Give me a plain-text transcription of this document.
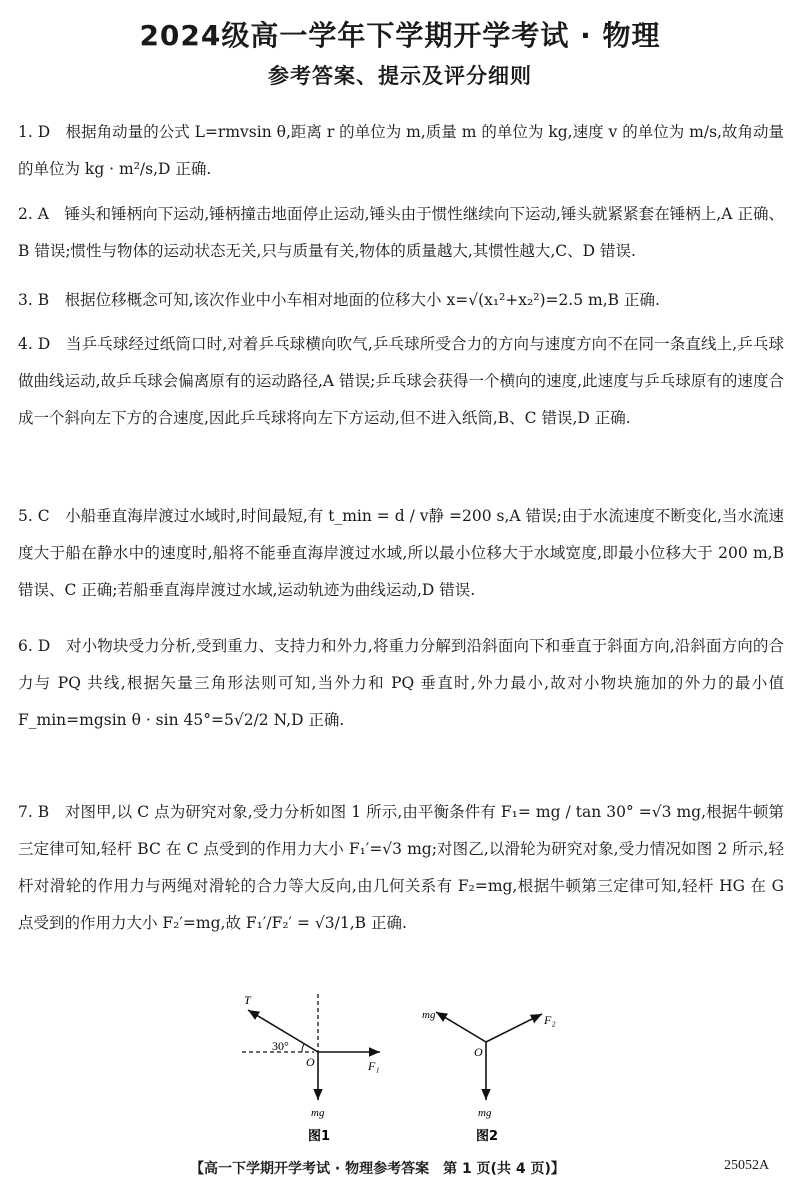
2024级高一学年下学期开学考试 · 物理
参考答案、提示及评分细则
1. D　根据角动量的公式 L=rmvsin θ,距离 r 的单位为 m,质量 m 的单位为 kg,速度 v 的单位为 m/s,故角动量的单位为 kg · m²/s,D 正确.
2. A　锤头和锤柄向下运动,锤柄撞击地面停止运动,锤头由于惯性继续向下运动,锤头就紧紧套在锤柄上,A 正确、B 错误;惯性与物体的运动状态无关,只与质量有关,物体的质量越大,其惯性越大,C、D 错误.
3. B　根据位移概念可知,该次作业中小车相对地面的位移大小 x=√(x₁²+x₂²)=2.5 m,B 正确.
4. D　当乒乓球经过纸筒口时,对着乒乓球横向吹气,乒乓球所受合力的方向与速度方向不在同一条直线上,乒乓球做曲线运动,故乒乓球会偏离原有的运动路径,A 错误;乒乓球会获得一个横向的速度,此速度与乒乓球原有的速度合成一个斜向左下方的合速度,因此乒乓球将向左下方运动,但不进入纸筒,B、C 错误,D 正确.
5. C　小船垂直海岸渡过水域时,时间最短,有 t_min = d / v静 =200 s,A 错误;由于水流速度不断变化,当水流速度大于船在静水中的速度时,船将不能垂直海岸渡过水域,所以最小位移大于水域宽度,即最小位移大于 200 m,B 错误、C 正确;若船垂直海岸渡过水域,运动轨迹为曲线运动,D 错误.
6. D　对小物块受力分析,受到重力、支持力和外力,将重力分解到沿斜面向下和垂直于斜面方向,沿斜面方向的合力与 PQ 共线,根据矢量三角形法则可知,当外力和 PQ 垂直时,外力最小,故对小物块施加的外力的最小值 F_min=mgsin θ · sin 45°=5√2/2 N,D 正确.
7. B　对图甲,以 C 点为研究对象,受力分析如图 1 所示,由平衡条件有 F₁= mg / tan 30° =√3 mg,根据牛顿第三定律可知,轻杆 BC 在 C 点受到的作用力大小 F₁′=√3 mg;对图乙,以滑轮为研究对象,受力情况如图 2 所示,轻杆对滑轮的作用力与两绳对滑轮的合力等大反向,由几何关系有 F₂=mg,根据牛顿第三定律可知,轻杆 HG 在 G 点受到的作用力大小 F₂′=mg,故 F₁′/F₂′ = √3/1,B 正确.
T
30°
O	F₁
mg
图1
mg	F₂
O
mg
图2
【高一下学期开学考试 · 物理参考答案　第 1 页(共 4 页)】	25052A
